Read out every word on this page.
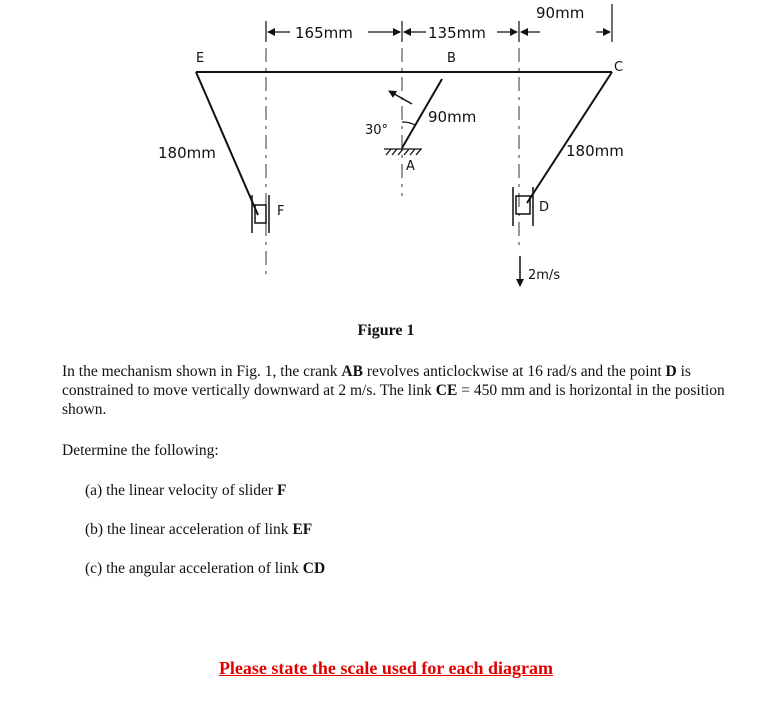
165mm	135mm
90mm
E	B
C
180mm
F
180mm
D
2m/s
90mm
30°
A
Figure 1
In the mechanism shown in Fig. 1, the crank AB revolves anticlockwise at 16 rad/s and the point D is constrained to move vertically downward at 2 m/s. The link CE = 450 mm and is horizontal in the position shown.
Determine the following:
(a) the linear velocity of slider F
(b) the linear acceleration of link EF
(c) the angular acceleration of link CD
Please state the scale used for each diagram
